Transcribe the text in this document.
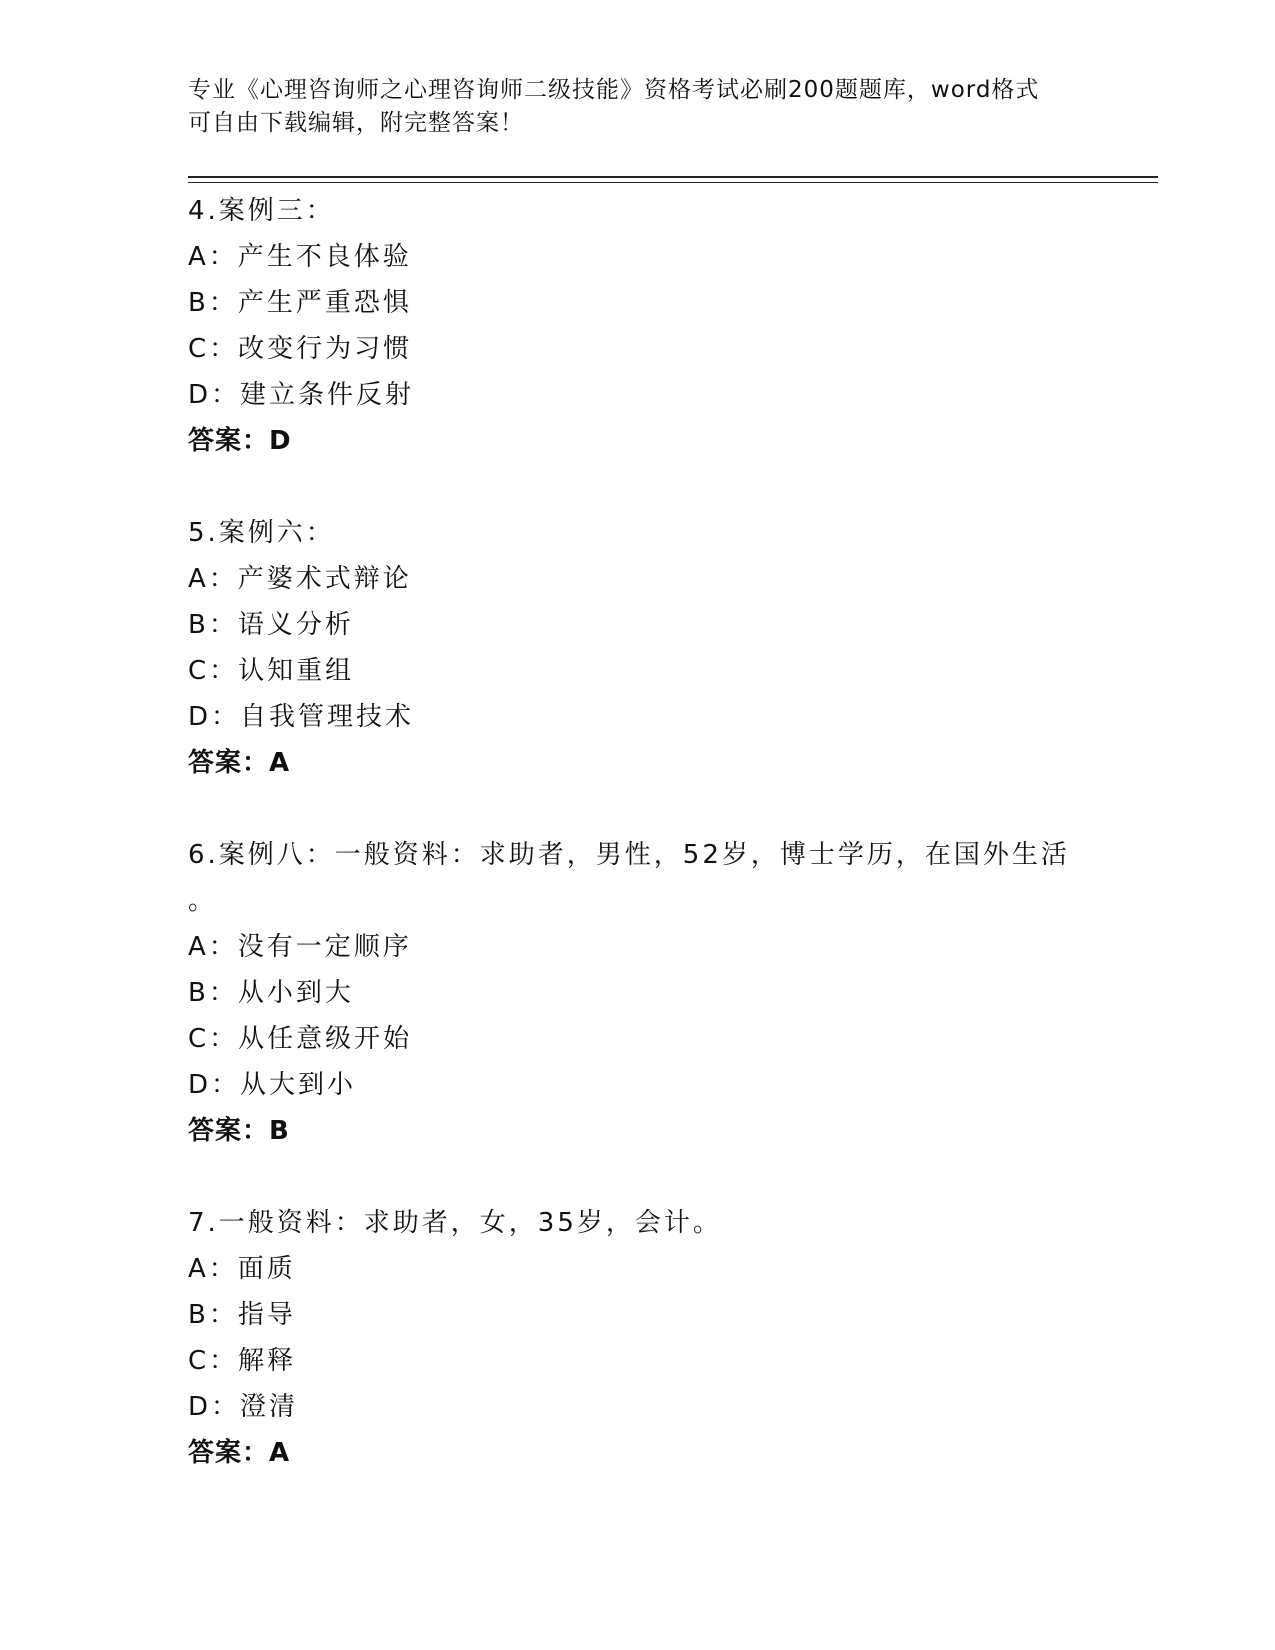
专业《心理咨询师之心理咨询师二级技能》资格考试必刷200题题库，word格式
可自由下载编辑，附完整答案！
4.案例三：
A：产生不良体验
B：产生严重恐惧
C：改变行为习惯
D：建立条件反射
答案：D
5.案例六：
A：产婆术式辩论
B：语义分析
C：认知重组
D：自我管理技术
答案：A
6.案例八：一般资料：求助者，男性，52岁，博士学历，在国外生活
。
A：没有一定顺序
B：从小到大
C：从任意级开始
D：从大到小
答案：B
7.一般资料：求助者，女，35岁，会计。
A：面质
B：指导
C：解释
D：澄清
答案：A
